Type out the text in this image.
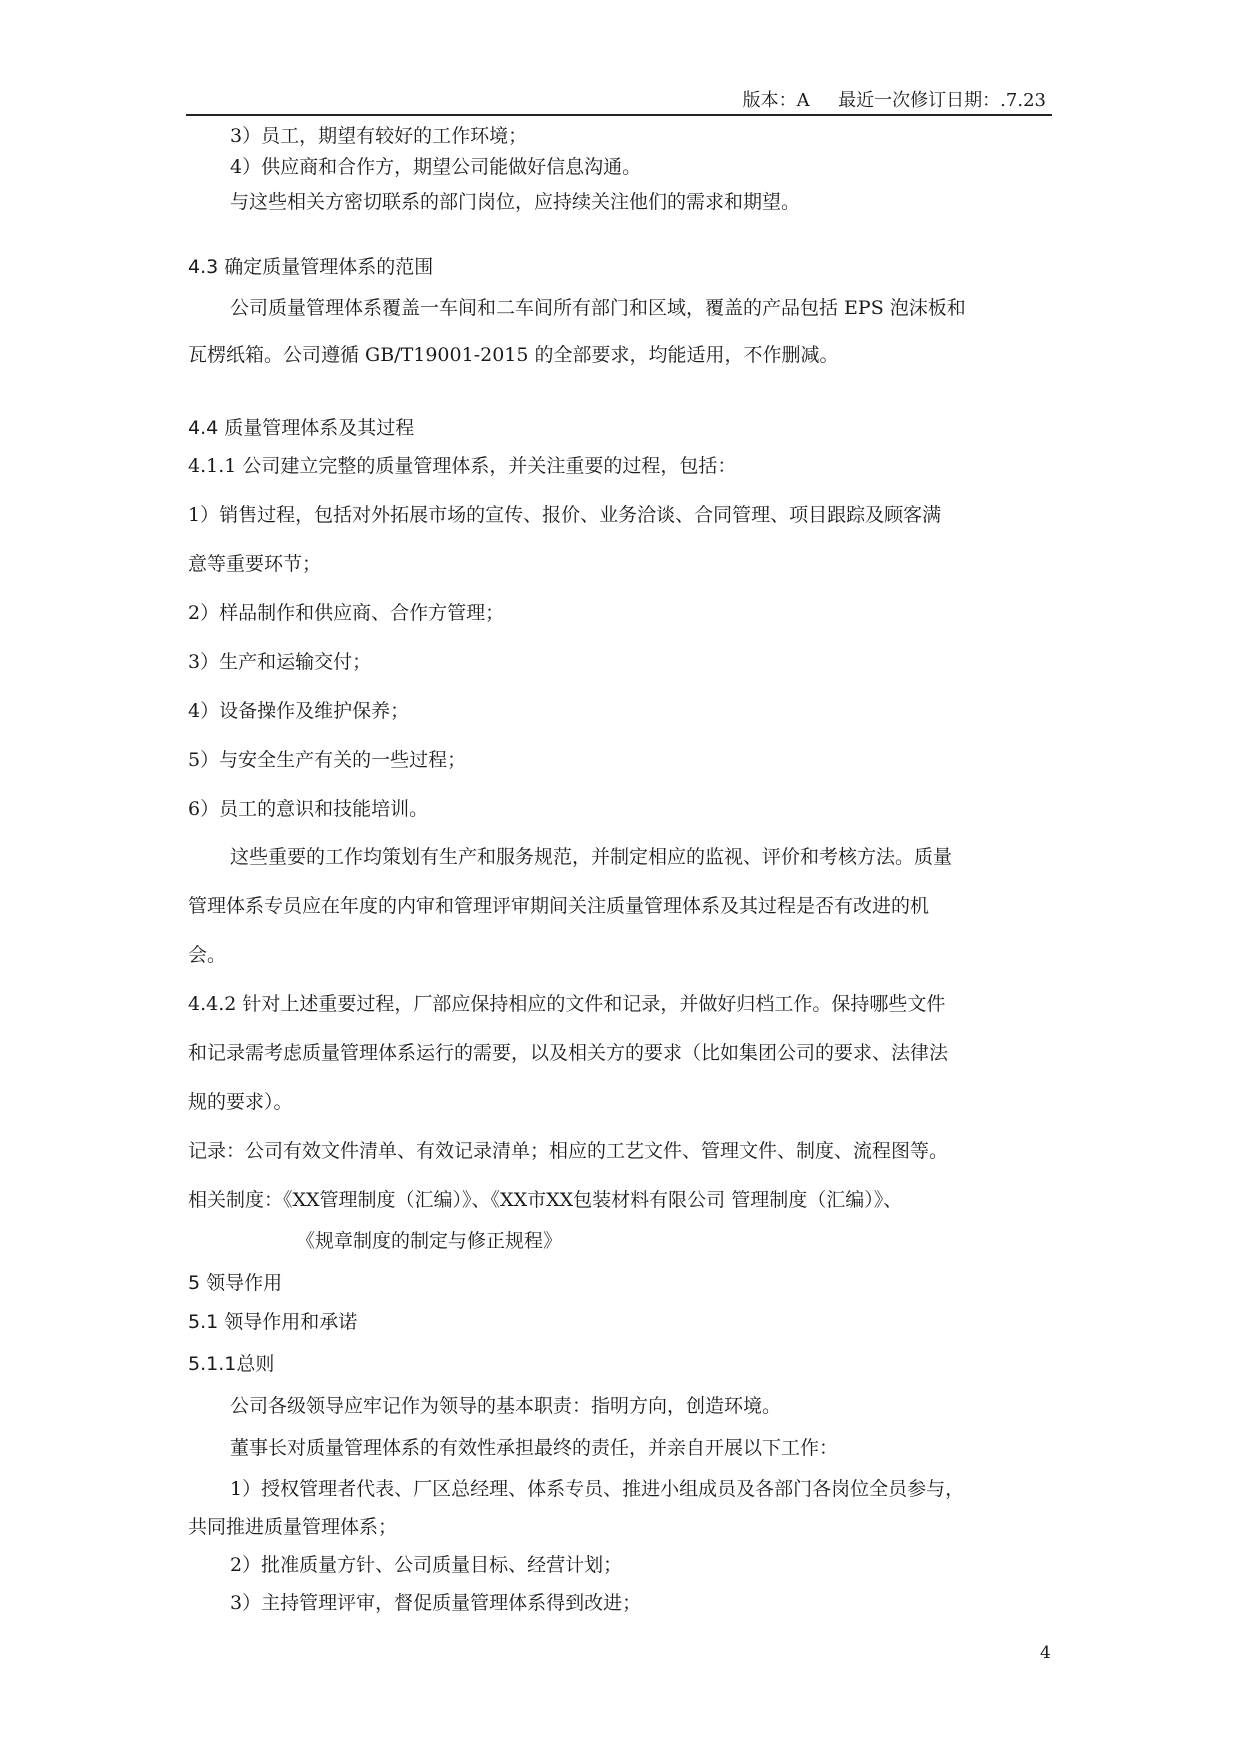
版本：A 最近一次修订日期：.7.23
3）员工，期望有较好的工作环境；
4）供应商和合作方，期望公司能做好信息沟通。
与这些相关方密切联系的部门岗位，应持续关注他们的需求和期望。
4.3 确定质量管理体系的范围
公司质量管理体系覆盖一车间和二车间所有部门和区域，覆盖的产品包括 EPS 泡沫板和
瓦楞纸箱。公司遵循 GB/T19001-2015 的全部要求，均能适用，不作删减。
4.4 质量管理体系及其过程
4.1.1 公司建立完整的质量管理体系，并关注重要的过程，包括：
1）销售过程，包括对外拓展市场的宣传、报价、业务洽谈、合同管理、项目跟踪及顾客满
意等重要环节；
2）样品制作和供应商、合作方管理；
3）生产和运输交付；
4）设备操作及维护保养；
5）与安全生产有关的一些过程；
6）员工的意识和技能培训。
这些重要的工作均策划有生产和服务规范，并制定相应的监视、评价和考核方法。质量
管理体系专员应在年度的内审和管理评审期间关注质量管理体系及其过程是否有改进的机
会。
4.4.2 针对上述重要过程，厂部应保持相应的文件和记录，并做好归档工作。保持哪些文件
和记录需考虑质量管理体系运行的需要，以及相关方的要求（比如集团公司的要求、法律法
规的要求）。
记录：公司有效文件清单、有效记录清单；相应的工艺文件、管理文件、制度、流程图等。
相关制度：《XX管理制度（汇编）》、《XX市XX包装材料有限公司 管理制度（汇编）》、
《规章制度的制定与修正规程》
5 领导作用
5.1 领导作用和承诺
5.1.1总则
公司各级领导应牢记作为领导的基本职责：指明方向，创造环境。
董事长对质量管理体系的有效性承担最终的责任，并亲自开展以下工作：
1）授权管理者代表、厂区总经理、体系专员、推进小组成员及各部门各岗位全员参与，
共同推进质量管理体系；
2）批准质量方针、公司质量目标、经营计划；
3）主持管理评审，督促质量管理体系得到改进；
4
